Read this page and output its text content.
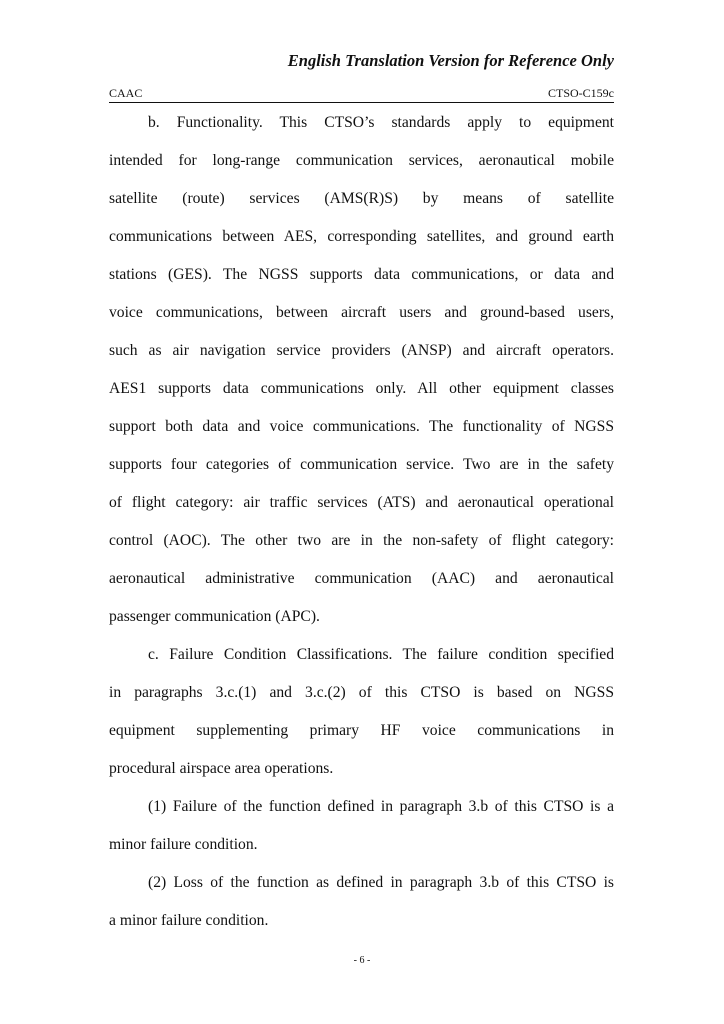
English Translation Version for Reference Only
CAAC	CTSO-C159c
b. Functionality. This CTSO’s standards apply to equipment
intended for long-range communication services, aeronautical mobile
satellite (route) services (AMS(R)S) by means of satellite
communications between AES, corresponding satellites, and ground earth
stations (GES). The NGSS supports data communications, or data and
voice communications, between aircraft users and ground-based users,
such as air navigation service providers (ANSP) and aircraft operators.
AES1 supports data communications only. All other equipment classes
support both data and voice communications. The functionality of NGSS
supports four categories of communication service. Two are in the safety
of flight category: air traffic services (ATS) and aeronautical operational
control (AOC). The other two are in the non-safety of flight category:
aeronautical administrative communication (AAC) and aeronautical
passenger communication (APC).
c. Failure Condition Classifications. The failure condition specified
in paragraphs 3.c.(1) and 3.c.(2) of this CTSO is based on NGSS
equipment supplementing primary HF voice communications in
procedural airspace area operations.
(1) Failure of the function defined in paragraph 3.b of this CTSO is a
minor failure condition.
(2) Loss of the function as defined in paragraph 3.b of this CTSO is
a minor failure condition.
- 6 -
